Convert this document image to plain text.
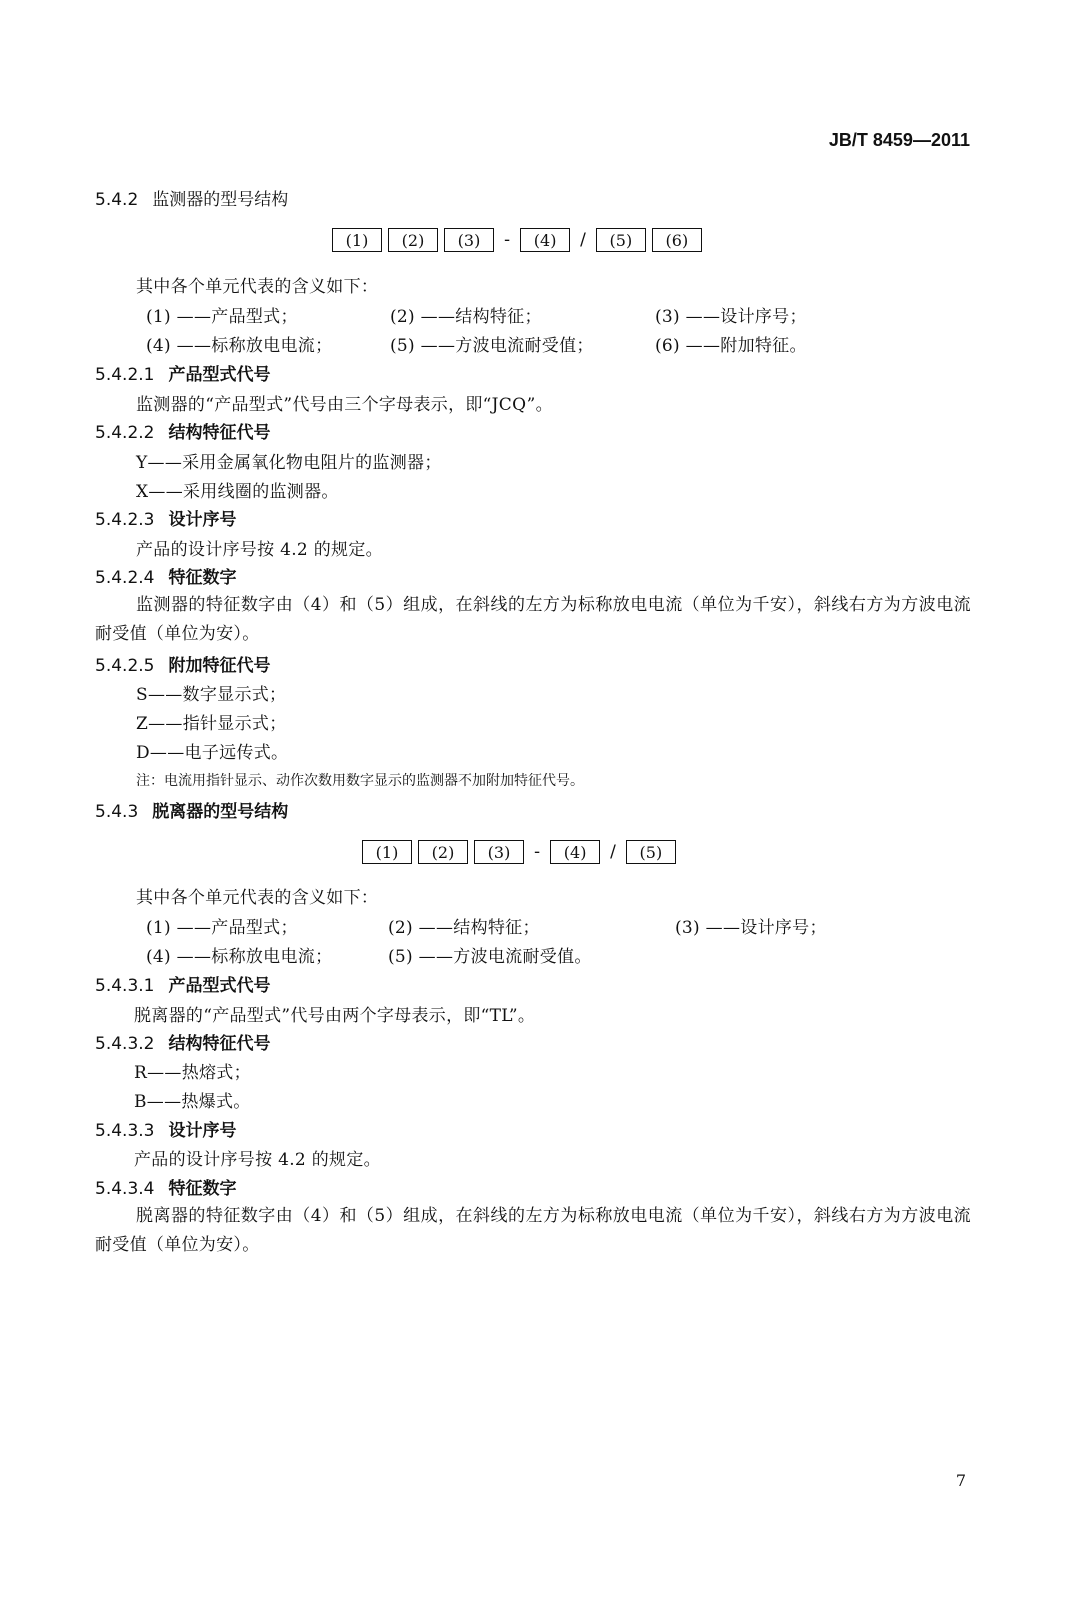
JB/T 8459—2011
5.4.2 监测器的型号结构
(1)	(2)	(3)	-	(4)	/	(5)	(6)
其中各个单元代表的含义如下：
(1) ——产品型式；	(2) ——结构特征；	(3) ——设计序号；
(4) ——标称放电电流；	(5) ——方波电流耐受值；	(6) ——附加特征。
5.4.2.1 产品型式代号
监测器的“产品型式”代号由三个字母表示，即“JCQ”。
5.4.2.2 结构特征代号
Y——采用金属氧化物电阻片的监测器；
X——采用线圈的监测器。
5.4.2.3 设计序号
产品的设计序号按 4.2 的规定。
5.4.2.4 特征数字
监测器的特征数字由（4）和（5）组成，在斜线的左方为标称放电电流（单位为千安），斜线右方为方波电流耐受值（单位为安）。
5.4.2.5 附加特征代号
S——数字显示式；
Z——指针显示式；
D——电子远传式。
注：电流用指针显示、动作次数用数字显示的监测器不加附加特征代号。
5.4.3 脱离器的型号结构
(1)	(2)	(3)	-	(4)	/	(5)
其中各个单元代表的含义如下：
(1) ——产品型式；	(2) ——结构特征；	(3) ——设计序号；
(4) ——标称放电电流；	(5) ——方波电流耐受值。
5.4.3.1 产品型式代号
脱离器的“产品型式”代号由两个字母表示，即“TL”。
5.4.3.2 结构特征代号
R——热熔式；
B——热爆式。
5.4.3.3 设计序号
产品的设计序号按 4.2 的规定。
5.4.3.4 特征数字
脱离器的特征数字由（4）和（5）组成，在斜线的左方为标称放电电流（单位为千安），斜线右方为方波电流耐受值（单位为安）。
7
